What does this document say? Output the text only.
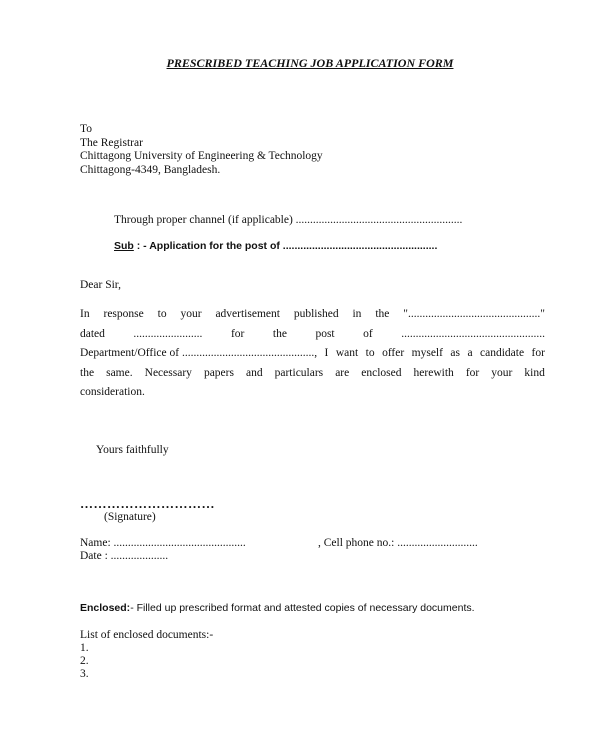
PRESCRIBED TEACHING JOB APPLICATION FORM
To
The Registrar
Chittagong University of Engineering & Technology
Chittagong-4349, Bangladesh.
Through proper channel (if applicable) ..........................................................
Sub : - Application for the post of .....................................................
Dear Sir,
In response to your advertisement published in the ".............................................."
dated ........................ for the post of ..................................................
Department/Office of .............................................., I want to offer myself as a candidate for
the same. Necessary papers and particulars are enclosed herewith for your kind
consideration.
Yours faithfully
…………………………
(Signature)
Name: ..............................................	, Cell phone no.: ............................
Date : ....................
Enclosed:- Filled up prescribed format and attested copies of necessary documents.
List of enclosed documents:-
1.
2.
3.
